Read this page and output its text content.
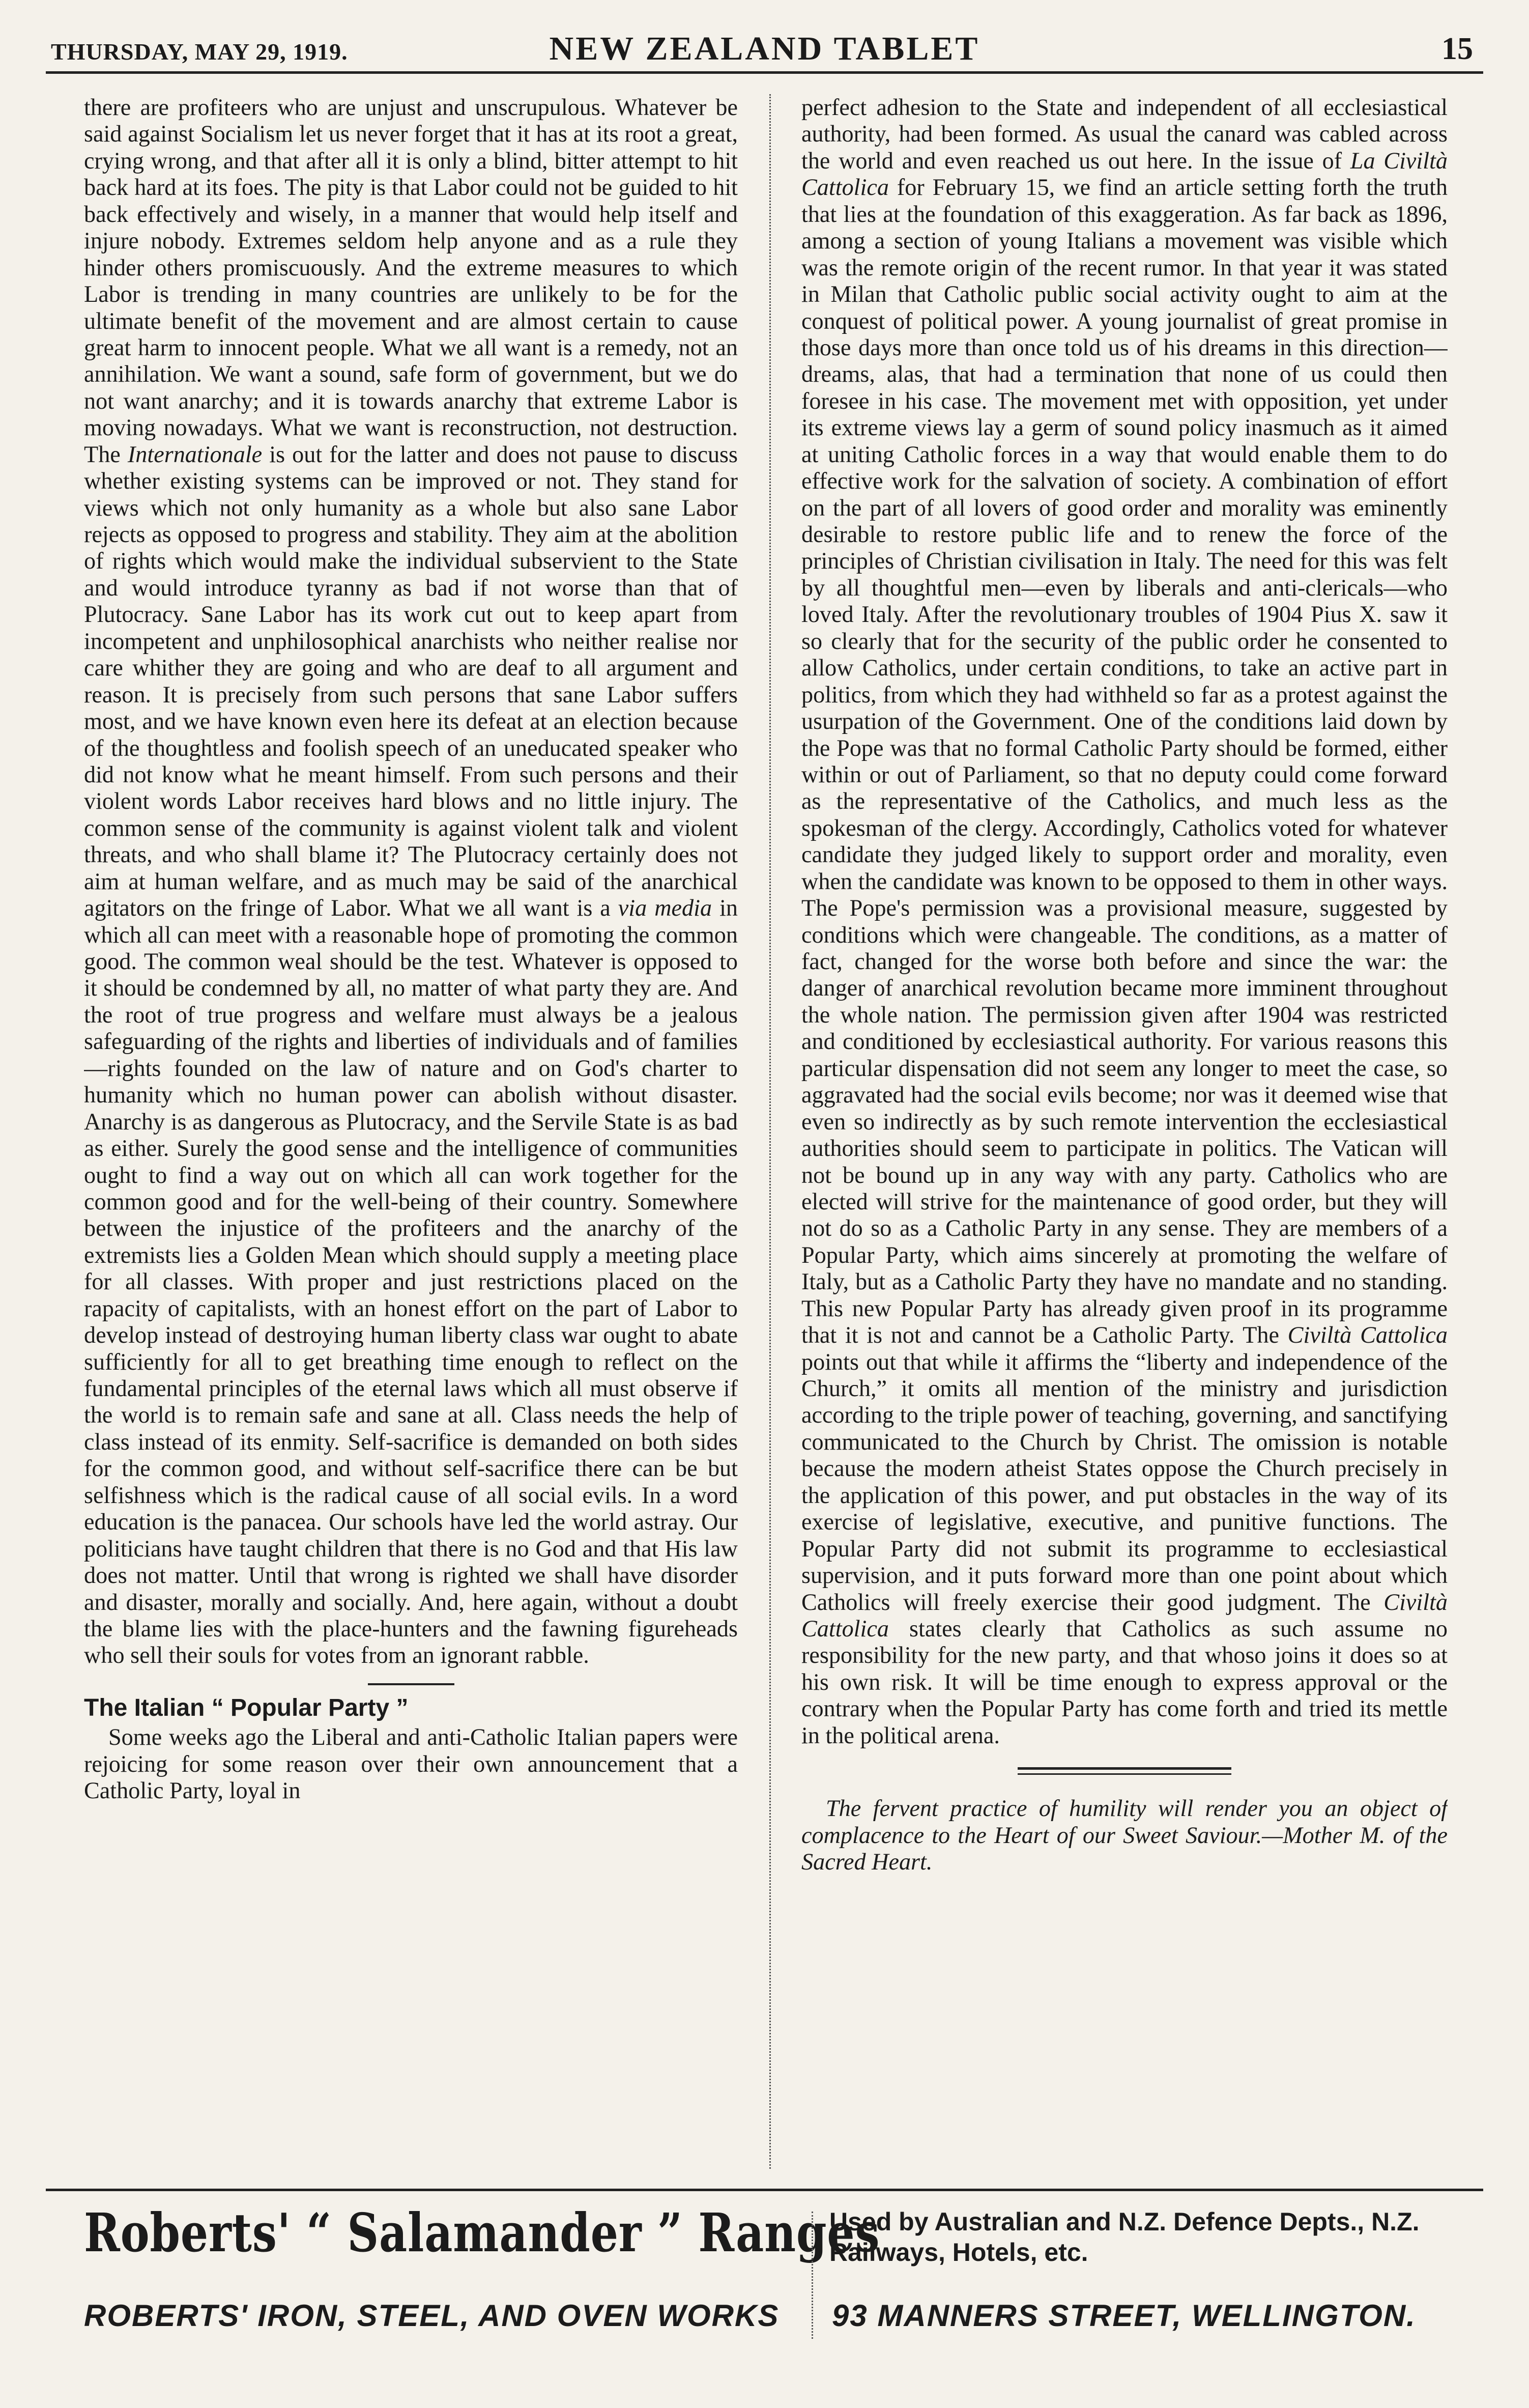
THURSDAY, MAY 29, 1919.	NEW ZEALAND TABLET	15

there are profiteers who are unjust and unscrupulous. Whatever be said against Socialism let us never forget that it has at its root a great, crying wrong, and that after all it is only a blind, bitter attempt to hit back hard at its foes. The pity is that Labor could not be guided to hit back effectively and wisely, in a manner that would help itself and injure nobody. Extremes seldom help anyone and as a rule they hinder others promiscuously. And the extreme measures to which Labor is trending in many countries are unlikely to be for the ultimate benefit of the movement and are almost certain to cause great harm to innocent people. What we all want is a remedy, not an annihilation. We want a sound, safe form of government, but we do not want anarchy; and it is towards anarchy that extreme Labor is moving nowadays. What we want is reconstruction, not destruction. The Internationale is out for the latter and does not pause to discuss whether existing systems can be improved or not. They stand for views which not only humanity as a whole but also sane Labor rejects as opposed to progress and stability. They aim at the abolition of rights which would make the individual subservient to the State and would introduce tyranny as bad if not worse than that of Plutocracy. Sane Labor has its work cut out to keep apart from incompetent and unphilosophical anarchists who neither realise nor care whither they are going and who are deaf to all argument and reason. It is precisely from such persons that sane Labor suffers most, and we have known even here its defeat at an election because of the thoughtless and foolish speech of an uneducated speaker who did not know what he meant himself. From such persons and their violent words Labor receives hard blows and no little injury. The common sense of the community is against violent talk and violent threats, and who shall blame it? The Plutocracy certainly does not aim at human welfare, and as much may be said of the anarchical agitators on the fringe of Labor. What we all want is a via media in which all can meet with a reasonable hope of promoting the common good. The common weal should be the test. Whatever is opposed to it should be condemned by all, no matter of what party they are. And the root of true progress and welfare must always be a jealous safeguarding of the rights and liberties of individuals and of families—rights founded on the law of nature and on God's charter to humanity which no human power can abolish without disaster. Anarchy is as dangerous as Plutocracy, and the Servile State is as bad as either. Surely the good sense and the intelligence of communities ought to find a way out on which all can work together for the common good and for the well-being of their country. Somewhere between the injustice of the profiteers and the anarchy of the extremists lies a Golden Mean which should supply a meeting place for all classes. With proper and just restrictions placed on the rapacity of capitalists, with an honest effort on the part of Labor to develop instead of destroying human liberty class war ought to abate sufficiently for all to get breathing time enough to reflect on the fundamental principles of the eternal laws which all must observe if the world is to remain safe and sane at all. Class needs the help of class instead of its enmity. Self-sacrifice is demanded on both sides for the common good, and without self-sacrifice there can be but selfishness which is the radical cause of all social evils. In a word education is the panacea. Our schools have led the world astray. Our politicians have taught children that there is no God and that His law does not matter. Until that wrong is righted we shall have disorder and disaster, morally and socially. And, here again, without a doubt the blame lies with the place-hunters and the fawning figureheads who sell their souls for votes from an ignorant rabble.

The Italian “ Popular Party ”

Some weeks ago the Liberal and anti-Catholic Italian papers were rejoicing for some reason over their own announcement that a Catholic Party, loyal in

perfect adhesion to the State and independent of all ecclesiastical authority, had been formed. As usual the canard was cabled across the world and even reached us out here. In the issue of La Civiltà Cattolica for February 15, we find an article setting forth the truth that lies at the foundation of this exaggeration. As far back as 1896, among a section of young Italians a movement was visible which was the remote origin of the recent rumor. In that year it was stated in Milan that Catholic public social activity ought to aim at the conquest of political power. A young journalist of great promise in those days more than once told us of his dreams in this direction—dreams, alas, that had a termination that none of us could then foresee in his case. The movement met with opposition, yet under its extreme views lay a germ of sound policy inasmuch as it aimed at uniting Catholic forces in a way that would enable them to do effective work for the salvation of society. A combination of effort on the part of all lovers of good order and morality was eminently desirable to restore public life and to renew the force of the principles of Christian civilisation in Italy. The need for this was felt by all thoughtful men—even by liberals and anti-clericals—who loved Italy. After the revolutionary troubles of 1904 Pius X. saw it so clearly that for the security of the public order he consented to allow Catholics, under certain conditions, to take an active part in politics, from which they had withheld so far as a protest against the usurpation of the Government. One of the conditions laid down by the Pope was that no formal Catholic Party should be formed, either within or out of Parliament, so that no deputy could come forward as the representative of the Catholics, and much less as the spokesman of the clergy. Accordingly, Catholics voted for whatever candidate they judged likely to support order and morality, even when the candidate was known to be opposed to them in other ways. The Pope's permission was a provisional measure, suggested by conditions which were changeable. The conditions, as a matter of fact, changed for the worse both before and since the war: the danger of anarchical revolution became more imminent throughout the whole nation. The permission given after 1904 was restricted and conditioned by ecclesiastical authority. For various reasons this particular dispensation did not seem any longer to meet the case, so aggravated had the social evils become; nor was it deemed wise that even so indirectly as by such remote intervention the ecclesiastical authorities should seem to participate in politics. The Vatican will not be bound up in any way with any party. Catholics who are elected will strive for the maintenance of good order, but they will not do so as a Catholic Party in any sense. They are members of a Popular Party, which aims sincerely at promoting the welfare of Italy, but as a Catholic Party they have no mandate and no standing. This new Popular Party has already given proof in its programme that it is not and cannot be a Catholic Party. The Civiltà Cattolica points out that while it affirms the “liberty and independence of the Church,” it omits all mention of the ministry and jurisdiction according to the triple power of teaching, governing, and sanctifying communicated to the Church by Christ. The omission is notable because the modern atheist States oppose the Church precisely in the application of this power, and put obstacles in the way of its exercise of legislative, executive, and punitive functions. The Popular Party did not submit its programme to ecclesiastical supervision, and it puts forward more than one point about which Catholics will freely exercise their good judgment. The Civiltà Cattolica states clearly that Catholics as such assume no responsibility for the new party, and that whoso joins it does so at his own risk. It will be time enough to express approval or the contrary when the Popular Party has come forth and tried its mettle in the political arena.

The fervent practice of humility will render you an object of complacence to the Heart of our Sweet Saviour.—Mother M. of the Sacred Heart.

Roberts' “ Salamander ” Ranges
ROBERTS' IRON, STEEL, AND OVEN WORKS
Used by Australian and N.Z. Defence Depts., N.Z.
Railways, Hotels, etc.
93 MANNERS STREET, WELLINGTON.
